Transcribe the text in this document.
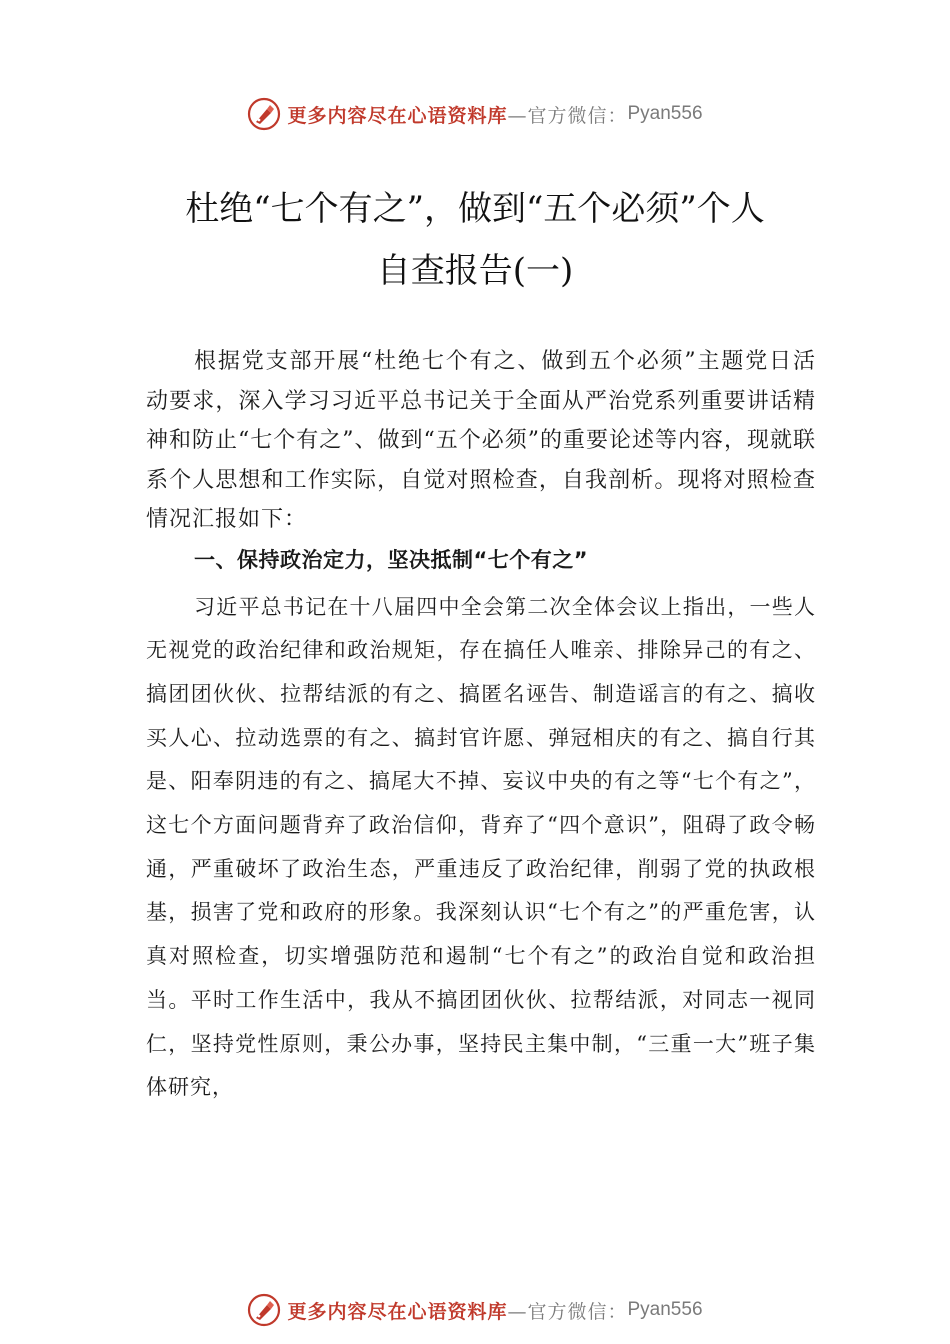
更多内容尽在心语资料库 —官方微信： Pyan556
杜绝“七个有之”，做到“五个必须”个人
自查报告(一)

根据党支部开展“杜绝七个有之、做到五个必须”主题党日活动要求，深入学习习近平总书记关于全面从严治党系列重要讲话精神和防止“七个有之”、做到“五个必须”的重要论述等内容，现就联系个人思想和工作实际，自觉对照检查，自我剖析。现将对照检查情况汇报如下：

一、保持政治定力，坚决抵制“七个有之”

习近平总书记在十八届四中全会第二次全体会议上指出，一些人无视党的政治纪律和政治规矩，存在搞任人唯亲、排除异己的有之、搞团团伙伙、拉帮结派的有之、搞匿名诬告、制造谣言的有之、搞收买人心、拉动选票的有之、搞封官许愿、弹冠相庆的有之、搞自行其是、阳奉阴违的有之、搞尾大不掉、妄议中央的有之等“七个有之”，这七个方面问题背弃了政治信仰，背弃了“四个意识”，阻碍了政令畅通，严重破坏了政治生态，严重违反了政治纪律，削弱了党的执政根基，损害了党和政府的形象。我深刻认识“七个有之”的严重危害，认真对照检查，切实增强防范和遏制“七个有之”的政治自觉和政治担当。平时工作生活中，我从不搞团团伙伙、拉帮结派，对同志一视同仁，坚持党性原则，秉公办事，坚持民主集中制，“三重一大”班子集体研究，

更多内容尽在心语资料库 —官方微信： Pyan556
